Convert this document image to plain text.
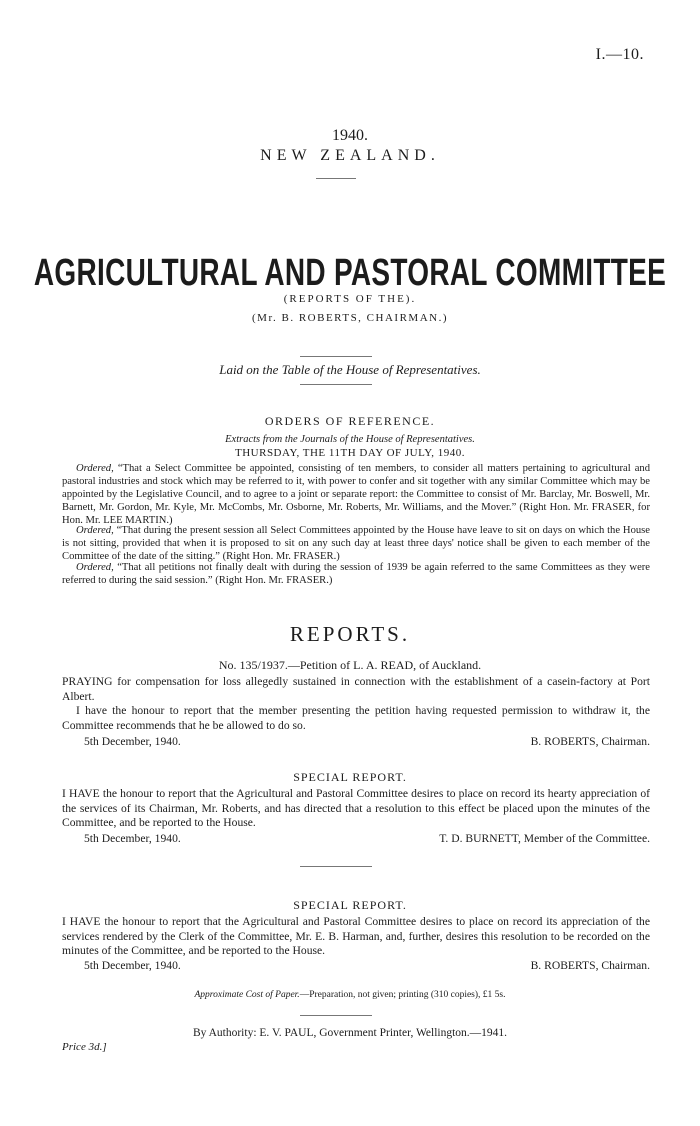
I.—10.
1940.
NEW ZEALAND.
AGRICULTURAL AND PASTORAL COMMITTEE
(REPORTS OF THE).
(Mr. B. ROBERTS, CHAIRMAN.)
Laid on the Table of the House of Representatives.
ORDERS OF REFERENCE.
Extracts from the Journals of the House of Representatives.
THURSDAY, THE 11TH DAY OF JULY, 1940.
Ordered, “That a Select Committee be appointed, consisting of ten members, to consider all matters pertaining to agricultural and pastoral industries and stock which may be referred to it, with power to confer and sit together with any similar Committee which may be appointed by the Legislative Council, and to agree to a joint or separate report: the Committee to consist of Mr. Barclay, Mr. Boswell, Mr. Barnett, Mr. Gordon, Mr. Kyle, Mr. McCombs, Mr. Osborne, Mr. Roberts, Mr. Williams, and the Mover.” (Right Hon. Mr. FRASER, for Hon. Mr. LEE MARTIN.)
Ordered, “That during the present session all Select Committees appointed by the House have leave to sit on days on which the House is not sitting, provided that when it is proposed to sit on any such day at least three days' notice shall be given to each member of the Committee of the date of the sitting.” (Right Hon. Mr. FRASER.)
Ordered, “That all petitions not finally dealt with during the session of 1939 be again referred to the same Committees as they were referred to during the said session.” (Right Hon. Mr. FRASER.)
REPORTS.
No. 135/1937.—Petition of L. A. READ, of Auckland.
PRAYING for compensation for loss allegedly sustained in connection with the establishment of a casein-factory at Port Albert.
I have the honour to report that the member presenting the petition having requested permission to withdraw it, the Committee recommends that he be allowed to do so.
5th December, 1940.	B. ROBERTS, Chairman.
SPECIAL REPORT.
I HAVE the honour to report that the Agricultural and Pastoral Committee desires to place on record its hearty appreciation of the services of its Chairman, Mr. Roberts, and has directed that a resolution to this effect be placed upon the minutes of the Committee, and be reported to the House.
5th December, 1940.	T. D. BURNETT, Member of the Committee.
SPECIAL REPORT.
I HAVE the honour to report that the Agricultural and Pastoral Committee desires to place on record its appreciation of the services rendered by the Clerk of the Committee, Mr. E. B. Harman, and, further, desires this resolution to be recorded on the minutes of the Committee, and be reported to the House.
5th December, 1940.	B. ROBERTS, Chairman.
Approximate Cost of Paper.—Preparation, not given; printing (310 copies), £1 5s.
By Authority: E. V. PAUL, Government Printer, Wellington.—1941.
Price 3d.]
